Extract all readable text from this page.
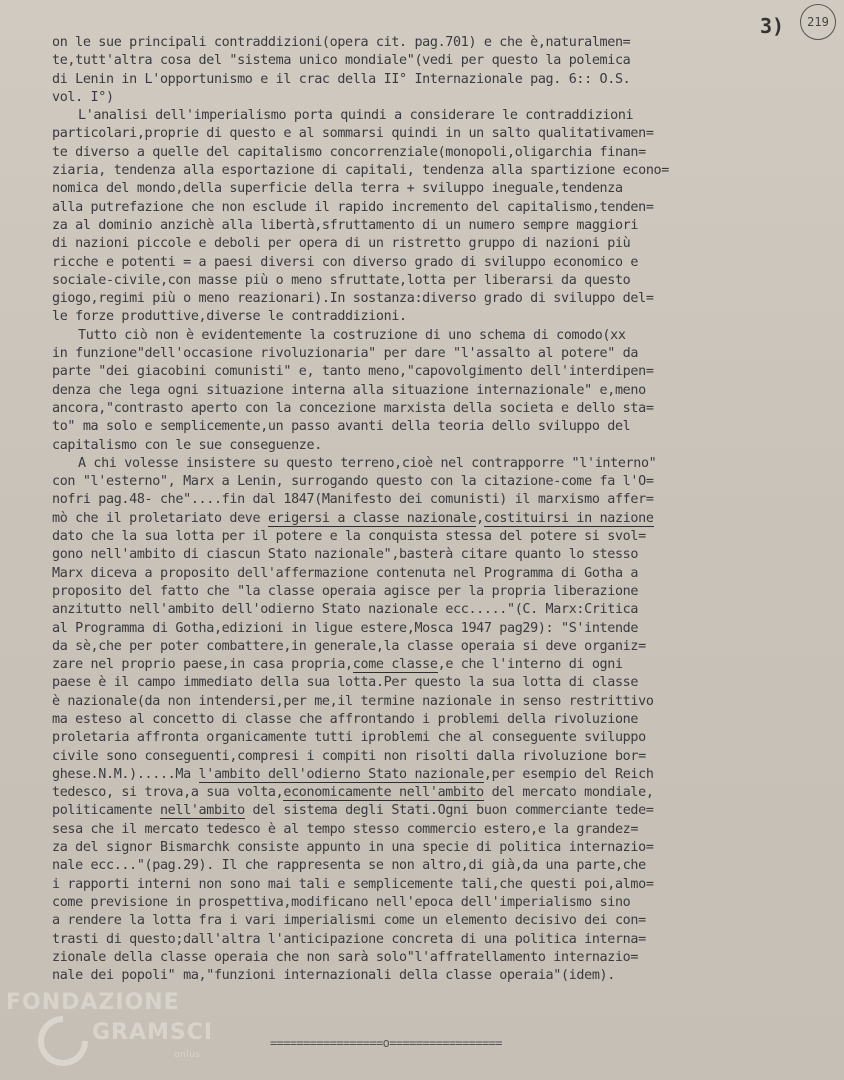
3)	219
on le sue principali contraddizioni(opera cit. pag.701) e che è,naturalmen=
te,tutt'altra cosa del "sistema unico mondiale"(vedi per questo la polemica
di Lenin in L'opportunismo e il crac della II° Internazionale pag. 6:: O.S.
vol. I°)
L'analisi dell'imperialismo porta quindi a considerare le contraddizioni
particolari,proprie di questo e al sommarsi quindi in un salto qualitativamen=
te diverso a quelle del capitalismo concorrenziale(monopoli,oligarchia finan=
ziaria, tendenza alla esportazione di capitali, tendenza alla spartizione econo=
nomica del mondo,della superficie della terra + sviluppo ineguale,tendenza
alla putrefazione che non esclude il rapido incremento del capitalismo,tenden=
za al dominio anzichè alla libertà,sfruttamento di un numero sempre maggiori
di nazioni piccole e deboli per opera di un ristretto gruppo di nazioni più
ricche e potenti = a paesi diversi con diverso grado di sviluppo economico e
sociale-civile,con masse più o meno sfruttate,lotta per liberarsi da questo
giogo,regimi più o meno reazionari).In sostanza:diverso grado di sviluppo del=
le forze produttive,diverse le contraddizioni.
Tutto ciò non è evidentemente la costruzione di uno schema di comodo(xx
in funzione"dell'occasione rivoluzionaria" per dare "l'assalto al potere" da
parte "dei giacobini comunisti" e, tanto meno,"capovolgimento dell'interdipen=
denza che lega ogni situazione interna alla situazione internazionale" e,meno
ancora,"contrasto aperto con la concezione marxista della societa e dello sta=
to" ma solo e semplicemente,un passo avanti della teoria dello sviluppo del
capitalismo con le sue conseguenze.
A chi volesse insistere su questo terreno,cioè nel contrapporre "l'interno"
con "l'esterno", Marx a Lenin, surrogando questo con la citazione-come fa l'O=
nofri pag.48- che"....fin dal 1847(Manifesto dei comunisti) il marxismo affer=
mò che il proletariato deve erigersi a classe nazionale,costituirsi in nazione
dato che la sua lotta per il potere e la conquista stessa del potere si svol=
gono nell'ambito di ciascun Stato nazionale",basterà citare quanto lo stesso
Marx diceva a proposito dell'affermazione contenuta nel Programma di Gotha a
proposito del fatto che "la classe operaia agisce per la propria liberazione
anzitutto nell'ambito dell'odierno Stato nazionale ecc....."(C. Marx:Critica
al Programma di Gotha,edizioni in ligue estere,Mosca 1947 pag29): "S'intende
da sè,che per poter combattere,in generale,la classe operaia si deve organiz=
zare nel proprio paese,in casa propria,come classe,e che l'interno di ogni
paese è il campo immediato della sua lotta.Per questo la sua lotta di classe
è nazionale(da non intendersi,per me,il termine nazionale in senso restrittivo
ma esteso al concetto di classe che affrontando i problemi della rivoluzione
proletaria affronta organicamente tutti iproblemi che al conseguente sviluppo
civile sono conseguenti,compresi i compiti non risolti dalla rivoluzione bor=
ghese.N.M.).....Ma l'ambito dell'odierno Stato nazionale,per esempio del Reich
tedesco, si trova,a sua volta,economicamente nell'ambito del mercato mondiale,
politicamente nell'ambito del sistema degli Stati.Ogni buon commerciante tede=
sesa che il mercato tedesco è al tempo stesso commercio estero,e la grandez=
za del signor Bismarchk consiste appunto in una specie di politica internazio=
nale ecc..."(pag.29). Il che rappresenta se non altro,di già,da una parte,che
i rapporti interni non sono mai tali e semplicemente tali,che questi poi,almo=
come previsione in prospettiva,modificano nell'epoca dell'imperialismo sino
a rendere la lotta fra i vari imperialismi come un elemento decisivo dei con=
trasti di questo;dall'altra l'anticipazione concreta di una politica interna=
zionale della classe operaia che non sarà solo"l'affratellamento internazio=
nale dei popoli" ma,"funzioni internazionali della classe operaia"(idem).
=================o=================
FONDAZIONE
GRAMSCI
onlus
